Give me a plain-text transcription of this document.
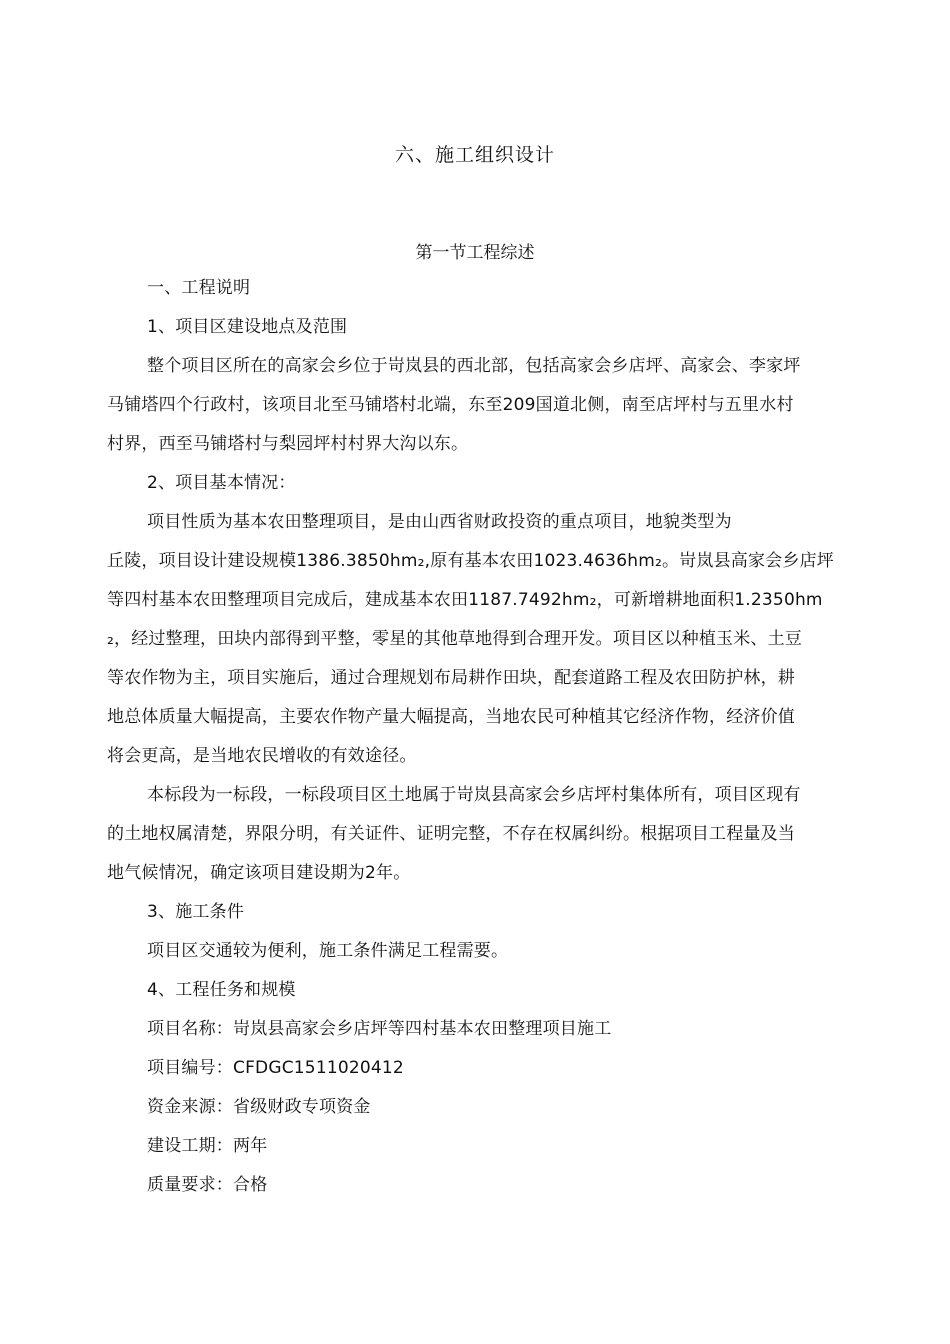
六、施工组织设计
第一节工程综述
一、工程说明
1、项目区建设地点及范围
整个项目区所在的高家会乡位于岢岚县的西北部，包括高家会乡店坪、高家会、李家坪
马铺塔四个行政村，该项目北至马铺塔村北端，东至209国道北侧，南至店坪村与五里水村
村界，西至马铺塔村与梨园坪村村界大沟以东。
2、项目基本情况：
项目性质为基本农田整理项目，是由山西省财政投资的重点项目，地貌类型为
丘陵，项目设计建设规模1386.3850hm₂,原有基本农田1023.4636hm₂。岢岚县高家会乡店坪
等四村基本农田整理项目完成后，建成基本农田1187.7492hm₂，可新增耕地面积1.2350hm
₂，经过整理，田块内部得到平整，零星的其他草地得到合理开发。项目区以种植玉米、土豆
等农作物为主，项目实施后，通过合理规划布局耕作田块，配套道路工程及农田防护林，耕
地总体质量大幅提高，主要农作物产量大幅提高，当地农民可种植其它经济作物，经济价值
将会更高，是当地农民增收的有效途径。
本标段为一标段，一标段项目区土地属于岢岚县高家会乡店坪村集体所有，项目区现有
的土地权属清楚，界限分明，有关证件、证明完整，不存在权属纠纷。根据项目工程量及当
地气候情况，确定该项目建设期为2年。
3、施工条件
项目区交通较为便利，施工条件满足工程需要。
4、工程任务和规模
项目名称：岢岚县高家会乡店坪等四村基本农田整理项目施工
项目编号：CFDGC1511020412
资金来源：省级财政专项资金
建设工期：两年
质量要求：合格
